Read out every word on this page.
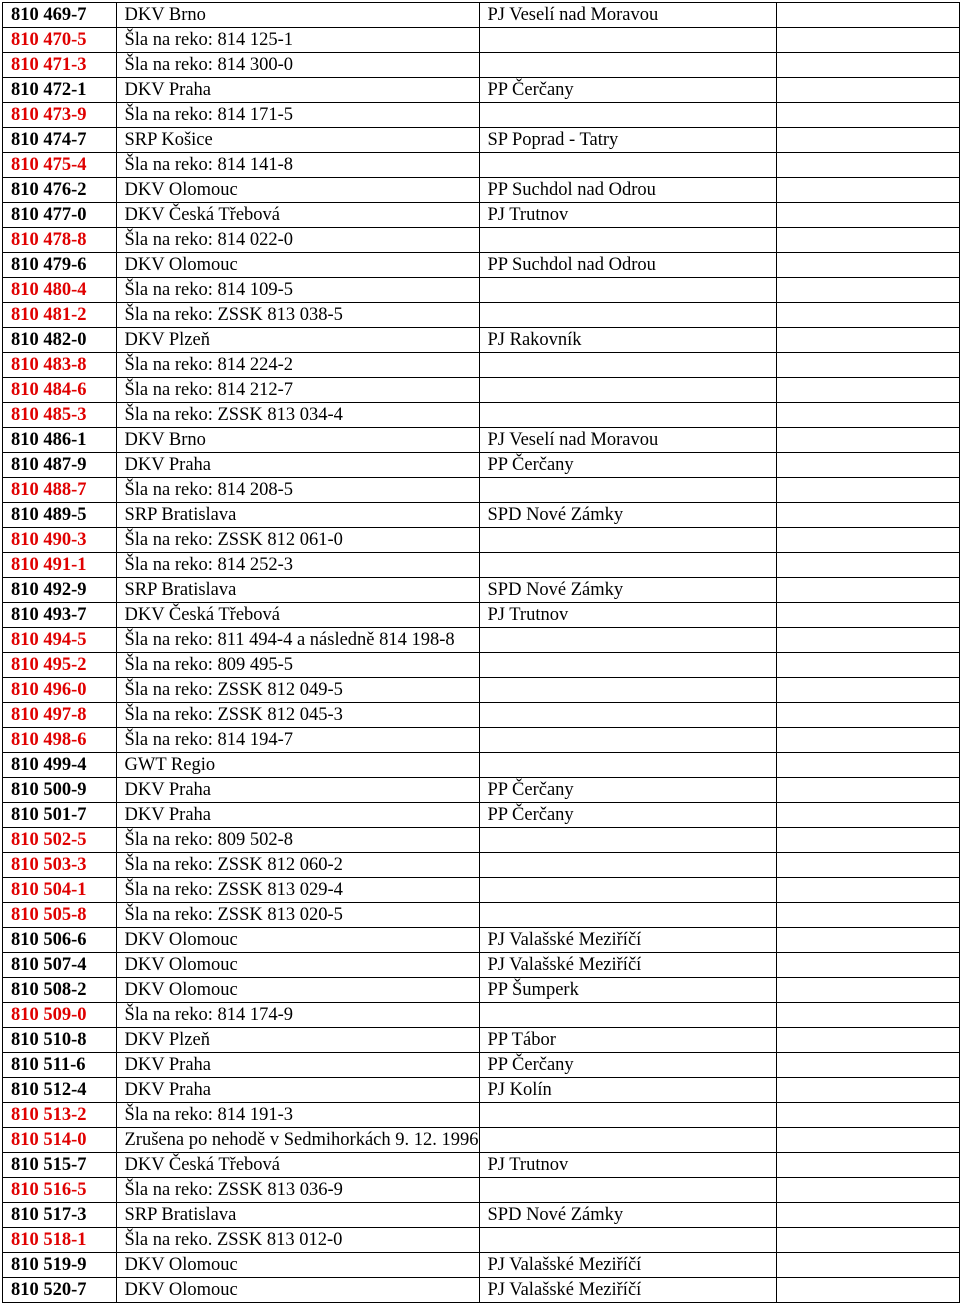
810 469-7	DKV Brno	PJ Veselí nad Moravou	
810 470-5	Šla na reko: 814 125-1		
810 471-3	Šla na reko: 814 300-0		
810 472-1	DKV Praha	PP Čerčany	
810 473-9	Šla na reko: 814 171-5		
810 474-7	SRP Košice	SP Poprad - Tatry	
810 475-4	Šla na reko: 814 141-8		
810 476-2	DKV Olomouc	PP Suchdol nad Odrou	
810 477-0	DKV Česká Třebová	PJ Trutnov	
810 478-8	Šla na reko: 814 022-0		
810 479-6	DKV Olomouc	PP Suchdol nad Odrou	
810 480-4	Šla na reko: 814 109-5		
810 481-2	Šla na reko: ZSSK 813 038-5		
810 482-0	DKV Plzeň	PJ Rakovník	
810 483-8	Šla na reko: 814 224-2		
810 484-6	Šla na reko: 814 212-7		
810 485-3	Šla na reko: ZSSK 813 034-4		
810 486-1	DKV Brno	PJ Veselí nad Moravou	
810 487-9	DKV Praha	PP Čerčany	
810 488-7	Šla na reko: 814 208-5		
810 489-5	SRP Bratislava	SPD Nové Zámky	
810 490-3	Šla na reko: ZSSK 812 061-0		
810 491-1	Šla na reko: 814 252-3		
810 492-9	SRP Bratislava	SPD Nové Zámky	
810 493-7	DKV Česká Třebová	PJ Trutnov	
810 494-5	Šla na reko: 811 494-4 a následně 814 198-8		
810 495-2	Šla na reko: 809 495-5		
810 496-0	Šla na reko: ZSSK 812 049-5		
810 497-8	Šla na reko: ZSSK 812 045-3		
810 498-6	Šla na reko: 814 194-7		
810 499-4	GWT Regio		
810 500-9	DKV Praha	PP Čerčany	
810 501-7	DKV Praha	PP Čerčany	
810 502-5	Šla na reko: 809 502-8		
810 503-3	Šla na reko: ZSSK 812 060-2		
810 504-1	Šla na reko: ZSSK 813 029-4		
810 505-8	Šla na reko: ZSSK 813 020-5		
810 506-6	DKV Olomouc	PJ Valašské Meziříčí	
810 507-4	DKV Olomouc	PJ Valašské Meziříčí	
810 508-2	DKV Olomouc	PP Šumperk	
810 509-0	Šla na reko: 814 174-9		
810 510-8	DKV Plzeň	PP Tábor	
810 511-6	DKV Praha	PP Čerčany	
810 512-4	DKV Praha	PJ Kolín	
810 513-2	Šla na reko: 814 191-3		
810 514-0	Zrušena po nehodě v Sedmihorkách 9. 12. 1996		
810 515-7	DKV Česká Třebová	PJ Trutnov	
810 516-5	Šla na reko: ZSSK 813 036-9		
810 517-3	SRP Bratislava	SPD Nové Zámky	
810 518-1	Šla na reko. ZSSK 813 012-0		
810 519-9	DKV Olomouc	PJ Valašské Meziříčí	
810 520-7	DKV Olomouc	PJ Valašské Meziříčí	
